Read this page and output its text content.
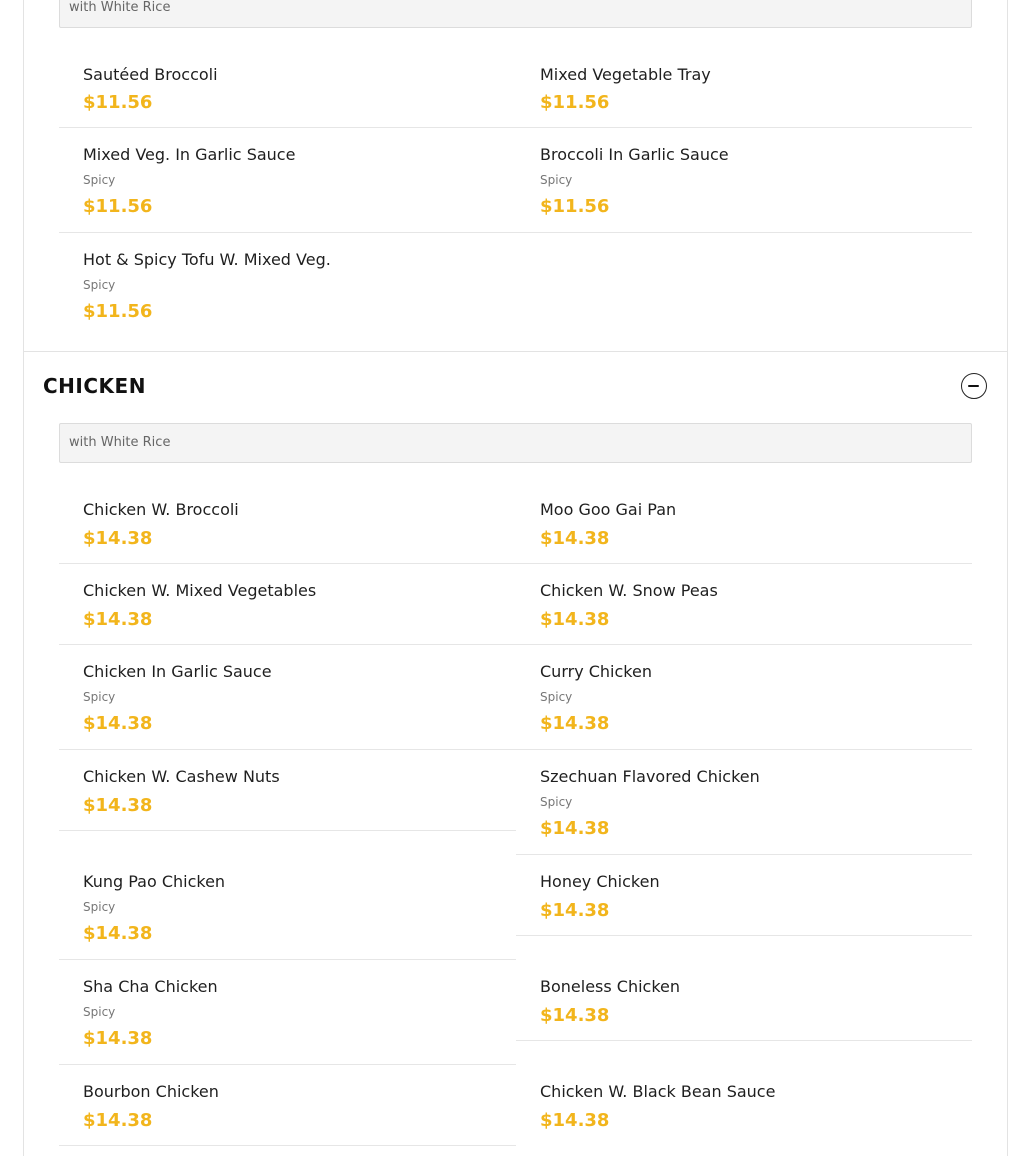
with White Rice
Sautéed Broccoli
$11.56
Mixed Vegetable Tray
$11.56
Mixed Veg. In Garlic Sauce
Spicy
$11.56
Broccoli In Garlic Sauce
Spicy
$11.56
Hot & Spicy Tofu W. Mixed Veg.
Spicy
$11.56
CHICKEN
with White Rice
Chicken W. Broccoli
$14.38
Moo Goo Gai Pan
$14.38
Chicken W. Mixed Vegetables
$14.38
Chicken W. Snow Peas
$14.38
Chicken In Garlic Sauce
Spicy
$14.38
Curry Chicken
Spicy
$14.38
Chicken W. Cashew Nuts
$14.38
Kung Pao Chicken
Spicy
$14.38
Sha Cha Chicken
Spicy
$14.38
Bourbon Chicken
$14.38
Szechuan Flavored Chicken
Spicy
$14.38
Honey Chicken
$14.38
Boneless Chicken
$14.38
Chicken W. Black Bean Sauce
$14.38
